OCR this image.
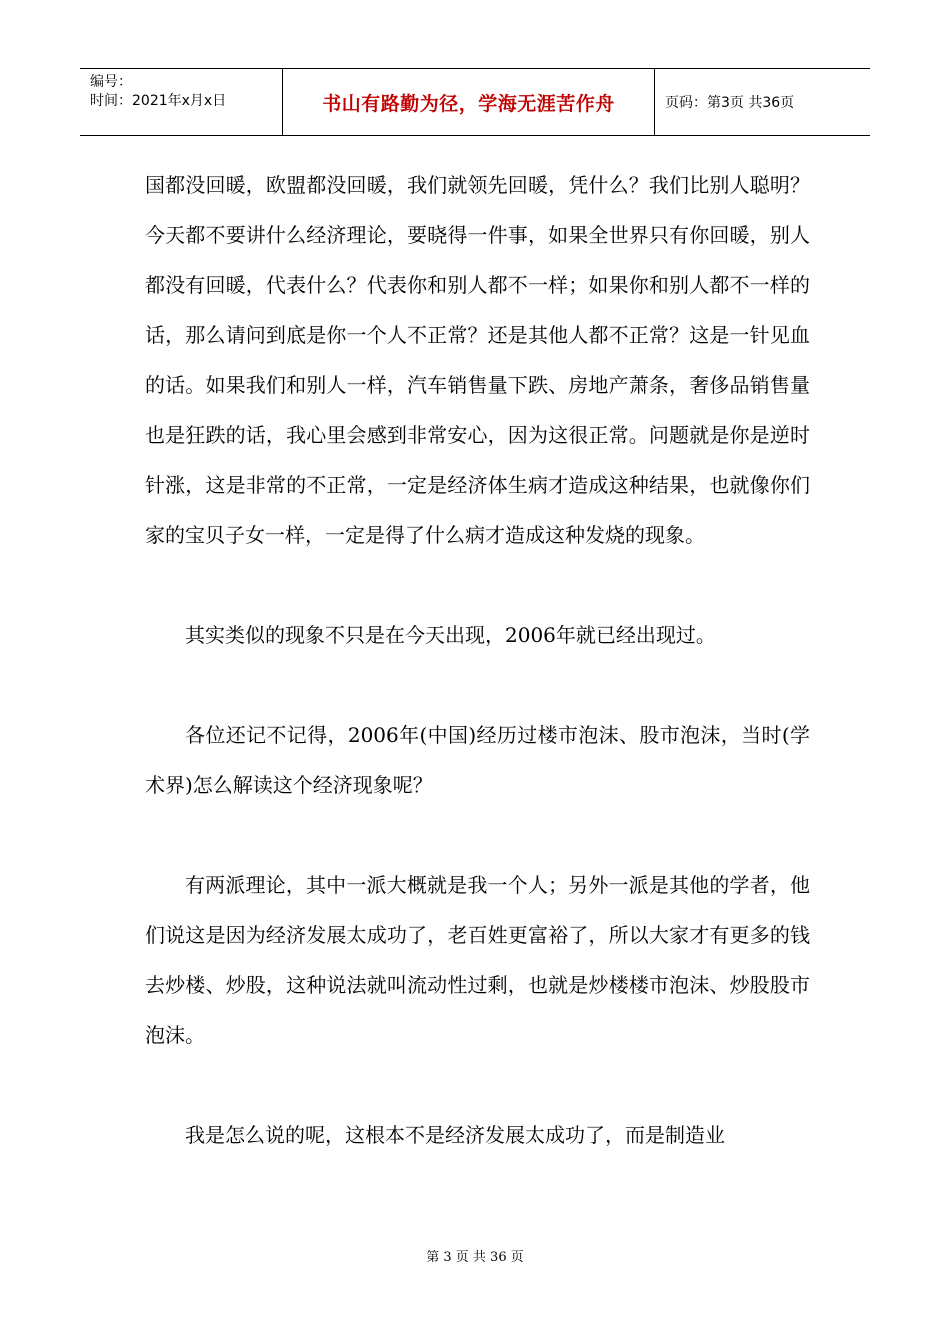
编号：
时间：2021年x月x日	书山有路勤为径，学海无涯苦作舟	页码：第3页 共36页

国都没回暖，欧盟都没回暖，我们就领先回暖，凭什么？我们比别人聪明？今天都不要讲什么经济理论，要晓得一件事，如果全世界只有你回暖，别人都没有回暖，代表什么？代表你和别人都不一样；如果你和别人都不一样的话，那么请问到底是你一个人不正常？还是其他人都不正常？这是一针见血的话。如果我们和别人一样，汽车销售量下跌、房地产萧条，奢侈品销售量也是狂跌的话，我心里会感到非常安心，因为这很正常。问题就是你是逆时针涨，这是非常的不正常，一定是经济体生病才造成这种结果，也就像你们家的宝贝子女一样，一定是得了什么病才造成这种发烧的现象。

其实类似的现象不只是在今天出现，2006年就已经出现过。

各位还记不记得，2006年(中国)经历过楼市泡沫、股市泡沫，当时(学术界)怎么解读这个经济现象呢？

有两派理论，其中一派大概就是我一个人；另外一派是其他的学者，他们说这是因为经济发展太成功了，老百姓更富裕了，所以大家才有更多的钱去炒楼、炒股，这种说法就叫流动性过剩，也就是炒楼楼市泡沫、炒股股市泡沫。

我是怎么说的呢，这根本不是经济发展太成功了，而是制造业

第 3 页 共 36 页
